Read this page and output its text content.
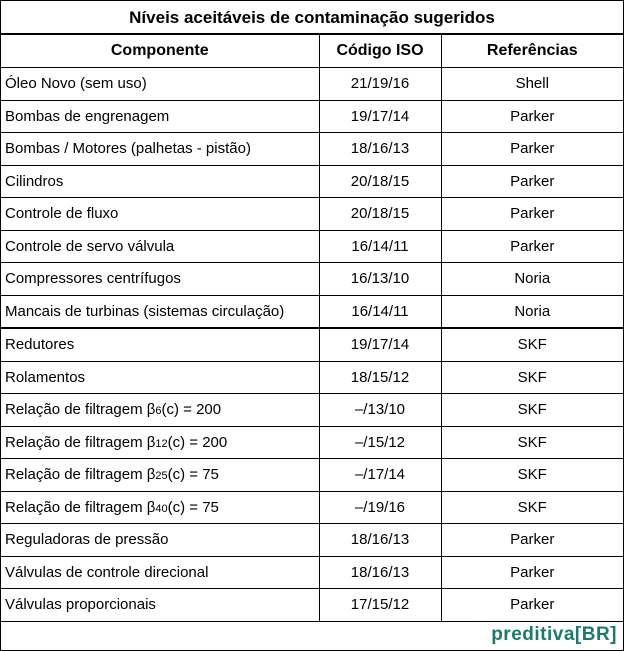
Níveis aceitáveis de contaminação sugeridos
Componente	Código ISO	Referências
Óleo Novo (sem uso)	21/19/16	Shell
Bombas de engrenagem	19/17/14	Parker
Bombas / Motores (palhetas - pistão)	18/16/13	Parker
Cilindros	20/18/15	Parker
Controle de fluxo	20/18/15	Parker
Controle de servo válvula	16/14/11	Parker
Compressores centrífugos	16/13/10	Noria
Mancais de turbinas (sistemas circulação)	16/14/11	Noria
Redutores	19/17/14	SKF
Rolamentos	18/15/12	SKF
Relação de filtragem β6(c) = 200	–/13/10	SKF
Relação de filtragem β12(c) = 200	–/15/12	SKF
Relação de filtragem β25(c) = 75	–/17/14	SKF
Relação de filtragem β40(c) = 75	–/19/16	SKF
Reguladoras de pressão	18/16/13	Parker
Válvulas de controle direcional	18/16/13	Parker
Válvulas proporcionais	17/15/12	Parker
preditiva[BR]
